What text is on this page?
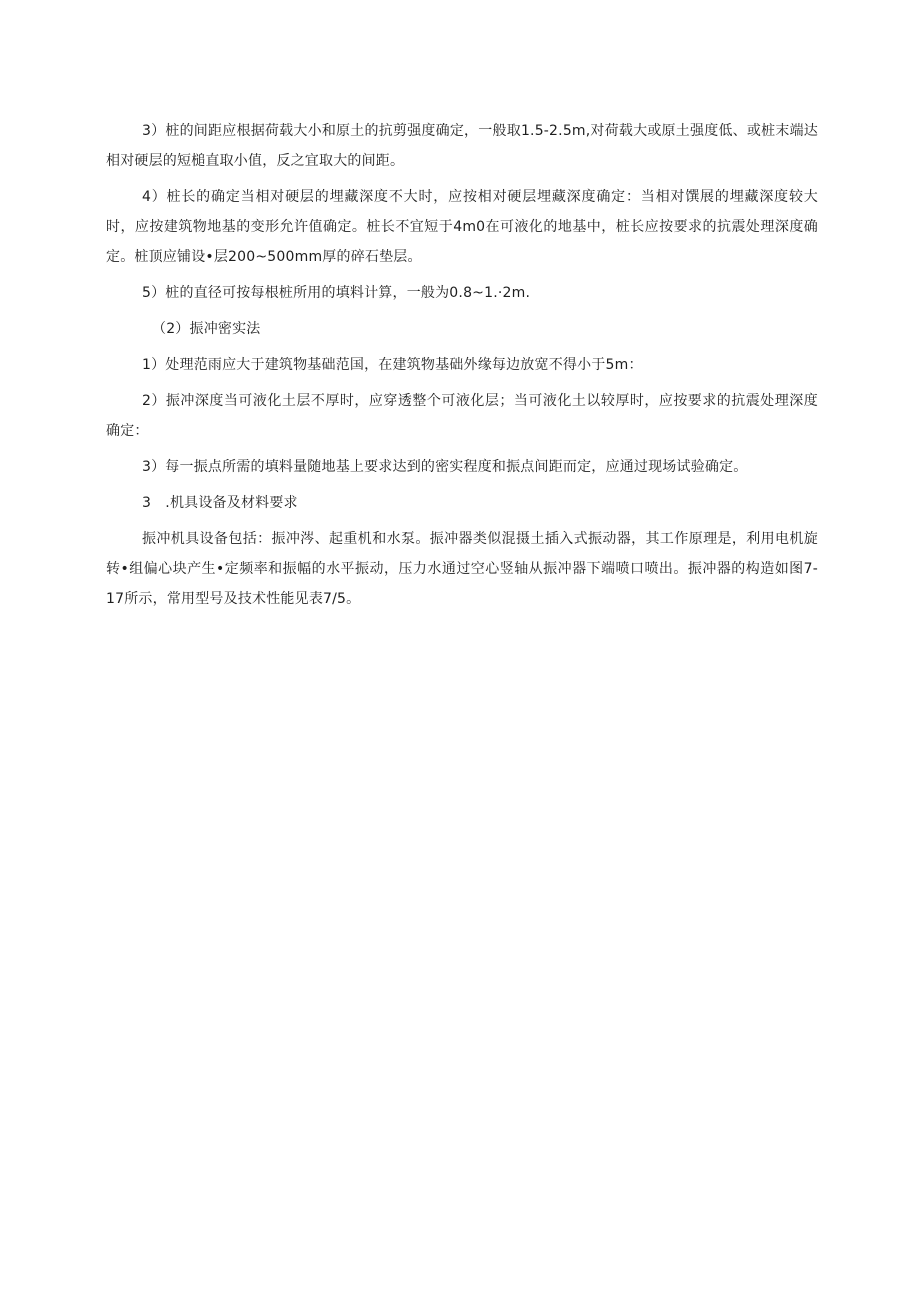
3）桩的间距应根据荷载大小和原土的抗剪强度确定，一般取1.5-2.5m,对荷载大或原土强度低、或桩末端达相对硬层的短槌直取小值，反之宜取大的间距。

4）桩长的确定当相对硬层的埋藏深度不大时，应按相对硬层埋藏深度确定：当相对馔展的埋藏深度较大时，应按建筑物地基的变形允许值确定。桩长不宜短于4m0在可液化的地基中，桩长应按要求的抗震处理深度确定。桩顶应铺设•层200~500mm厚的碎石垫层。

5）桩的直径可按每根桩所用的填料计算，一般为0.8~1.·2m.

（2）振冲密实法

1）处理范雨应大于建筑物基础范国，在建筑物基础外缘每边放宽不得小于5m：

2）振冲深度当可液化土层不厚时，应穿透整个可液化层；当可液化土以较厚时，应按要求的抗震处理深度确定：

3）每一振点所需的填料量随地基上要求达到的密实程度和振点间距而定，应通过现场试验确定。

3　.机具设备及材料要求

振冲机具设备包括：振冲涔、起重机和水泵。振冲器类似混摄土插入式振动器，其工作原理是，利用电机旋转•组偏心块产生•定频率和振幅的水平振动，压力水通过空心竖轴从振冲器下端喷口喷出。振冲器的构造如图7-17所示，常用型号及技术性能见表7/5。
